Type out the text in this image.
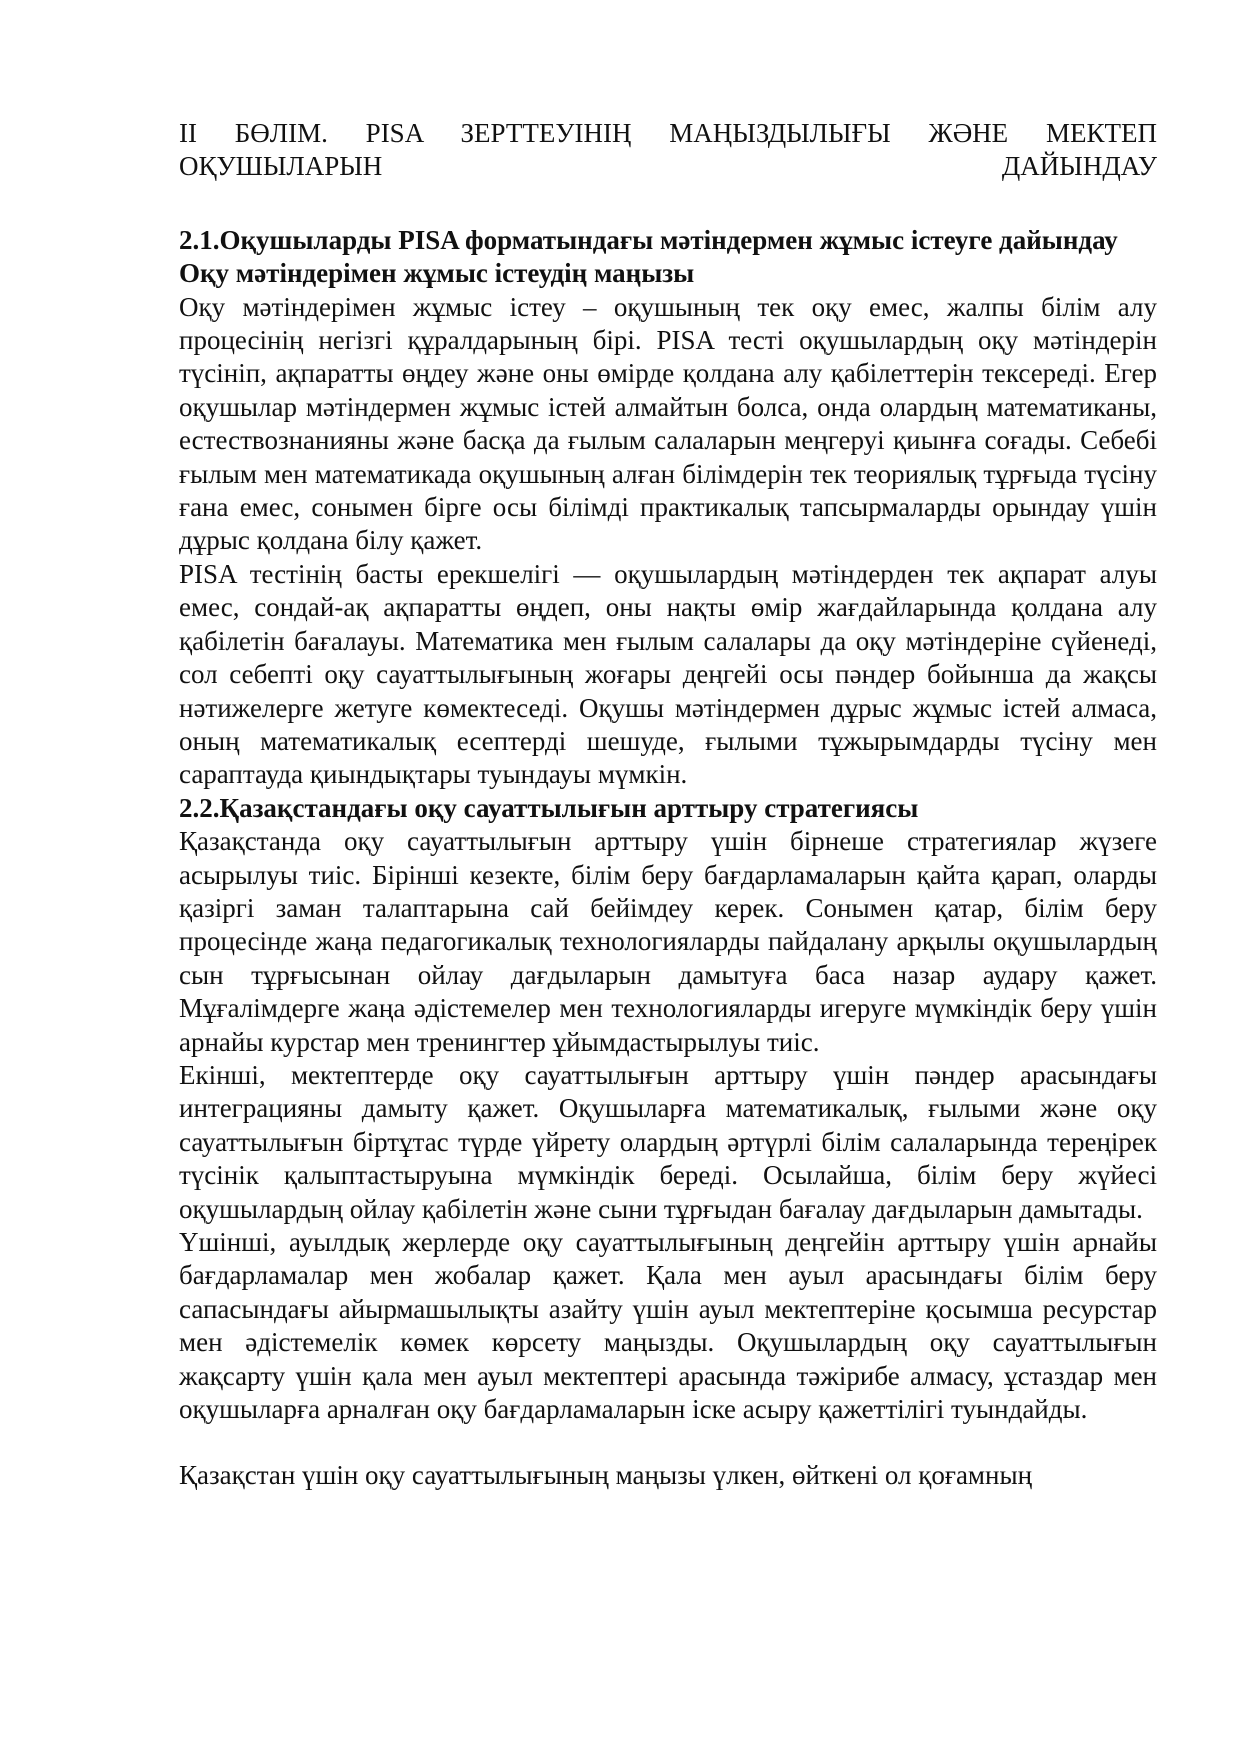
II БӨЛІМ. PISA ЗЕРТТЕУІНІҢ МАҢЫЗДЫЛЫҒЫ ЖӘНЕ МЕКТЕП ОҚУШЫЛАРЫН ДАЙЫНДАУ

2.1.Оқушыларды PISA форматындағы мәтіндермен жұмыс істеуге дайындау

Оқу мәтіндерімен жұмыс істеудің маңызы

Оқу мәтіндерімен жұмыс істеу – оқушының тек оқу емес, жалпы білім алу процесінің негізгі құралдарының бірі. PISA тесті оқушылардың оқу мәтіндерін түсініп, ақпаратты өңдеу және оны өмірде қолдана алу қабілеттерін тексереді. Егер оқушылар мәтіндермен жұмыс істей алмайтын болса, онда олардың математиканы, естествознанияны және басқа да ғылым салаларын меңгеруі қиынға соғады. Себебі ғылым мен математикада оқушының алған білімдерін тек теориялық тұрғыда түсіну ғана емес, сонымен бірге осы білімді практикалық тапсырмаларды орындау үшін дұрыс қолдана білу қажет.

PISA тестінің басты ерекшелігі — оқушылардың мәтіндерден тек ақпарат алуы емес, сондай-ақ ақпаратты өңдеп, оны нақты өмір жағдайларында қолдана алу қабілетін бағалауы. Математика мен ғылым салалары да оқу мәтіндеріне сүйенеді, сол себепті оқу сауаттылығының жоғары деңгейі осы пәндер бойынша да жақсы нәтижелерге жетуге көмектеседі. Оқушы мәтіндермен дұрыс жұмыс істей алмаса, оның математикалық есептерді шешуде, ғылыми тұжырымдарды түсіну мен сараптауда қиындықтары туындауы мүмкін.

2.2.Қазақстандағы оқу сауаттылығын арттыру стратегиясы

Қазақстанда оқу сауаттылығын арттыру үшін бірнеше стратегиялар жүзеге асырылуы тиіс. Бірінші кезекте, білім беру бағдарламаларын қайта қарап, оларды қазіргі заман талаптарына сай бейімдеу керек. Сонымен қатар, білім беру процесінде жаңа педагогикалық технологияларды пайдалану арқылы оқушылардың сын тұрғысынан ойлау дағдыларын дамытуға баса назар аудару қажет. Мұғалімдерге жаңа әдістемелер мен технологияларды игеруге мүмкіндік беру үшін арнайы курстар мен тренингтер ұйымдастырылуы тиіс.

Екінші, мектептерде оқу сауаттылығын арттыру үшін пәндер арасындағы интеграцияны дамыту қажет. Оқушыларға математикалық, ғылыми және оқу сауаттылығын біртұтас түрде үйрету олардың әртүрлі білім салаларында тереңірек түсінік қалыптастыруына мүмкіндік береді. Осылайша, білім беру жүйесі оқушылардың ойлау қабілетін және сыни тұрғыдан бағалау дағдыларын дамытады.

Үшінші, ауылдық жерлерде оқу сауаттылығының деңгейін арттыру үшін арнайы бағдарламалар мен жобалар қажет. Қала мен ауыл арасындағы білім беру сапасындағы айырмашылықты азайту үшін ауыл мектептеріне қосымша ресурстар мен әдістемелік көмек көрсету маңызды. Оқушылардың оқу сауаттылығын жақсарту үшін қала мен ауыл мектептері арасында тәжірибе алмасу, ұстаздар мен оқушыларға арналған оқу бағдарламаларын іске асыру қажеттілігі туындайды.

Қазақстан үшін оқу сауаттылығының маңызы үлкен, өйткені ол қоғамның
